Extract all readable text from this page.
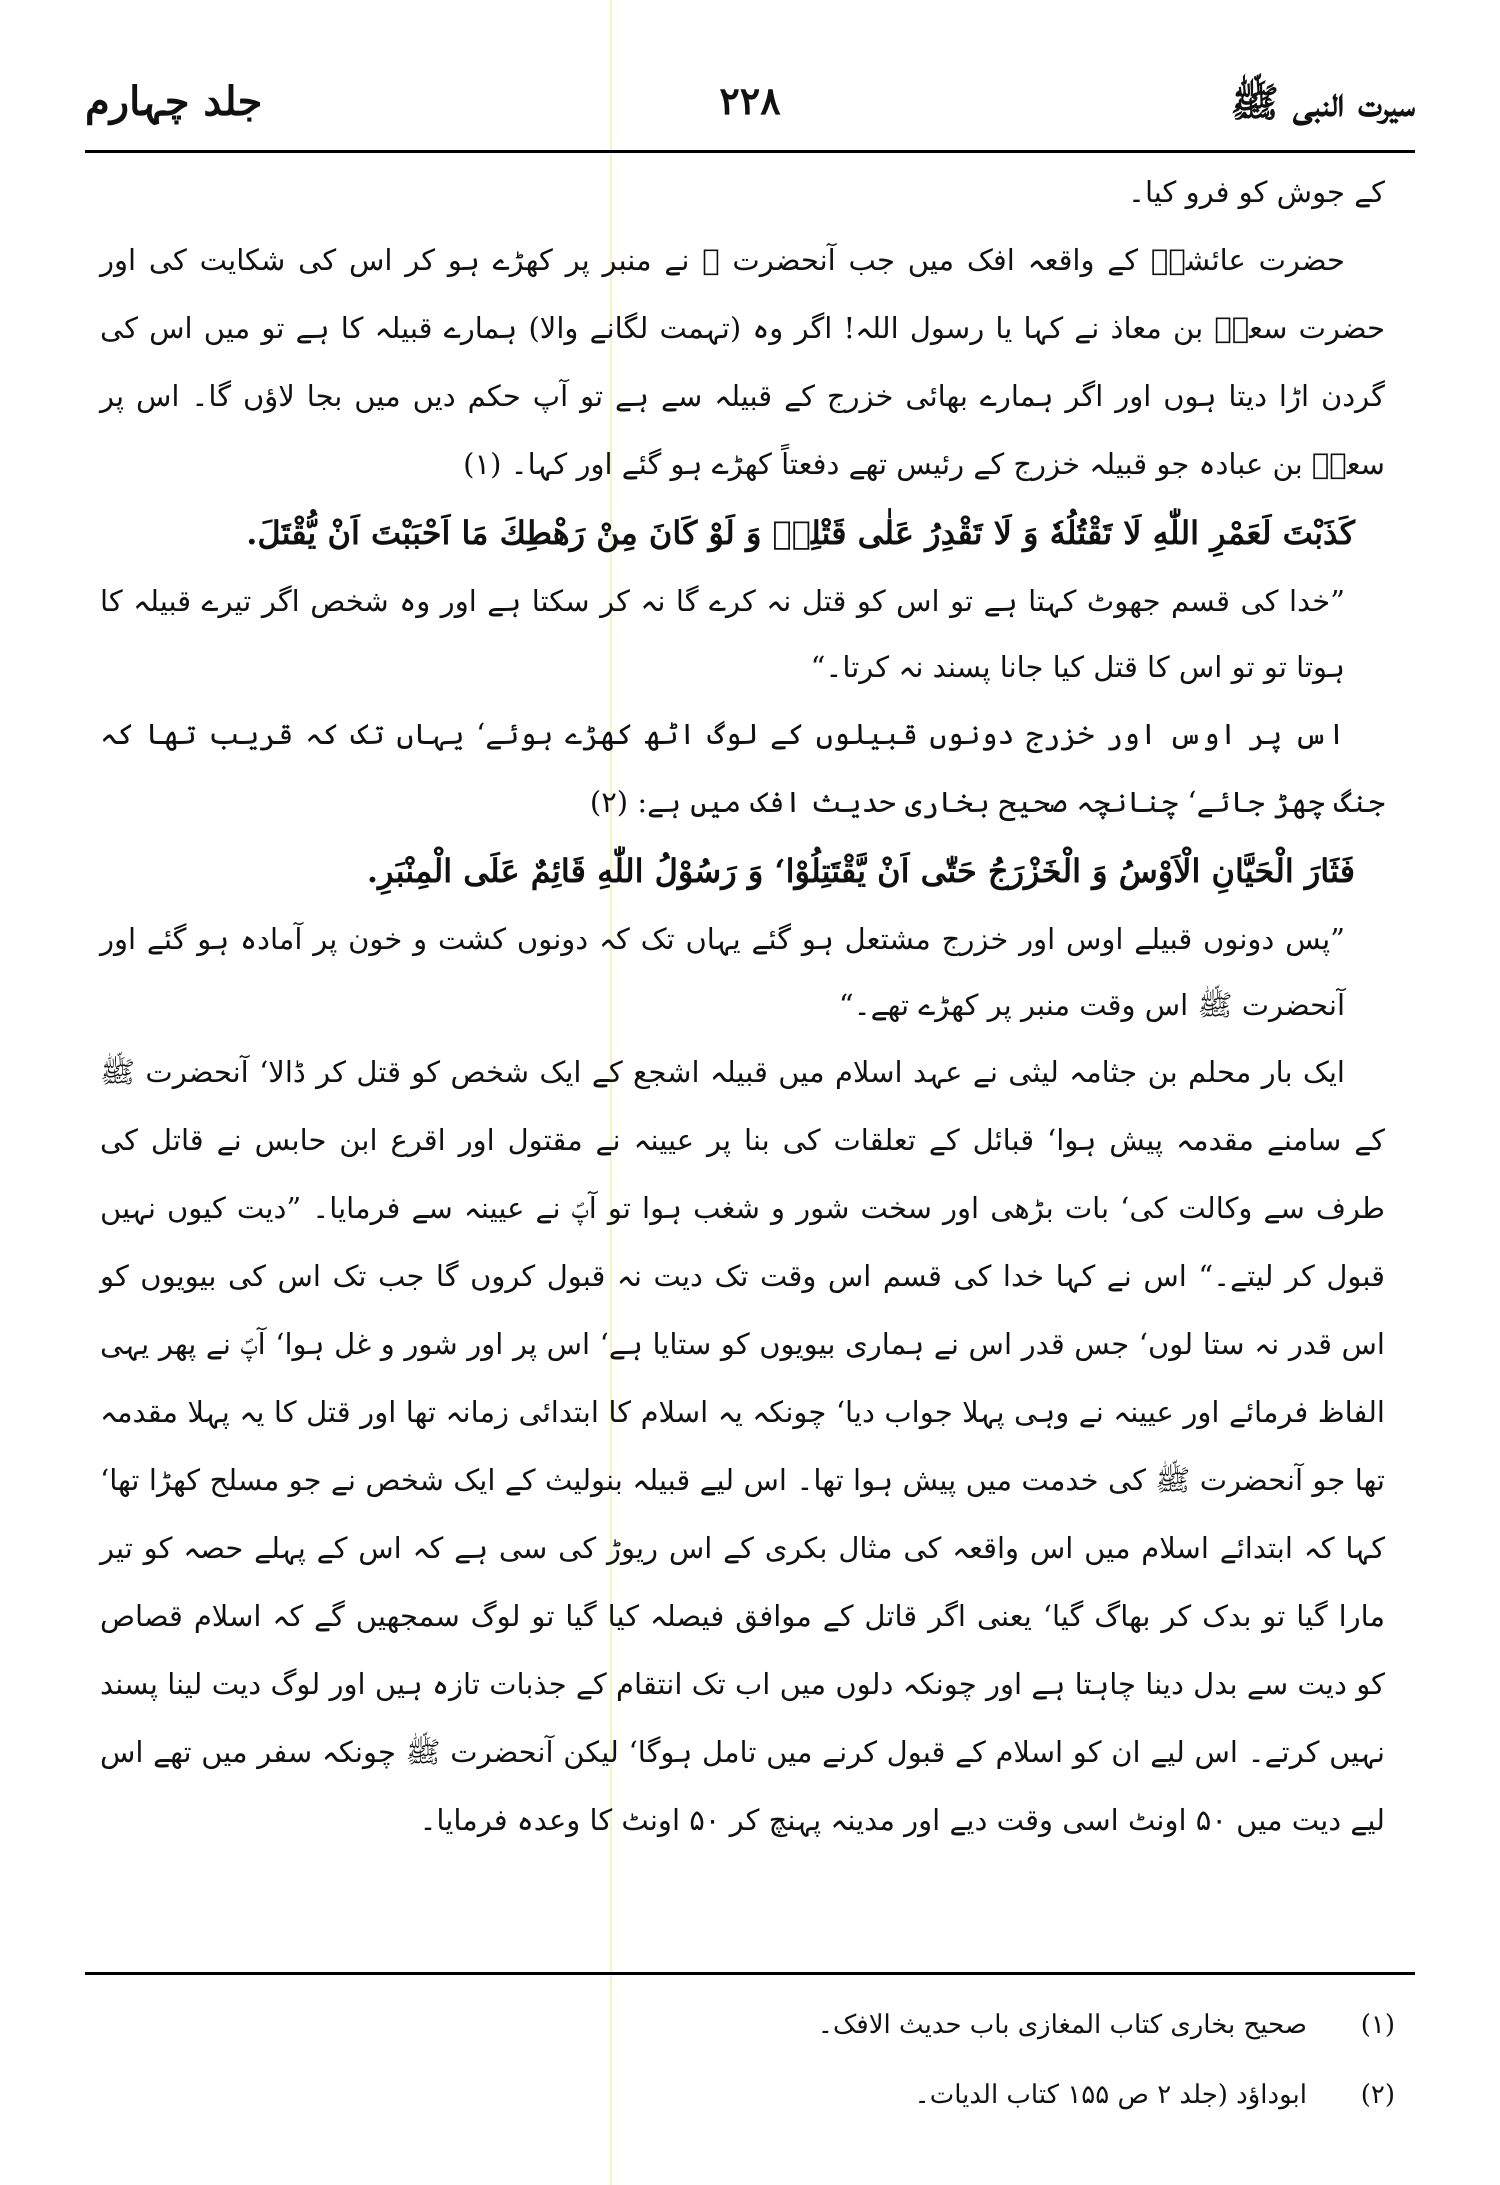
سیرت النبی ﷺ
۲۲۸
جلد چہارم

کے جوش کو فرو کیا۔

حضرت عائشہؓ کے واقعہ افک میں جب آنحضرت ﷺ نے منبر پر کھڑے ہو کر اس کی شکایت کی اور حضرت سعدؓ بن معاذ نے کہا یا رسول اللہ! اگر وہ (تہمت لگانے والا) ہمارے قبیلہ کا ہے تو میں اس کی گردن اڑا دیتا ہوں اور اگر ہمارے بھائی خزرج کے قبیلہ سے ہے تو آپ حکم دیں میں بجا لاؤں گا۔ اس پر سعدؓ بن عبادہ جو قبیلہ خزرج کے رئیس تھے دفعتاً کھڑے ہو گئے اور کہا۔ (۱)

كَذَبْتَ لَعَمْرِ اللّٰهِ لَا تَقْتُلُهٗ وَ لَا تَقْدِرُ عَلٰى قَتْلِهٖ وَ لَوْ كَانَ مِنْ رَهْطِكَ مَا اَحْبَبْتَ اَنْ يُّقْتَلَ.

”خدا کی قسم جھوٹ کہتا ہے تو اس کو قتل نہ کرے گا نہ کر سکتا ہے اور وہ شخص اگر تیرے قبیلہ کا ہوتا تو تو اس کا قتل کیا جانا پسند نہ کرتا۔“

اس پر اوس اور خزرج دونوں قبیلوں کے لوگ اٹھ کھڑے ہوئے‘ یہاں تک کہ قریب تھا کہ جنگ چھڑ جائے‘ چنانچہ صحیح بخاری حدیث افک میں ہے: (۲)

فَثَارَ الْحَيَّانِ الْاَوْسُ وَ الْخَزْرَجُ حَتّٰى اَنْ يَّقْتَتِلُوْا‘ وَ رَسُوْلُ اللّٰهِ قَائِمٌ عَلَى الْمِنْبَرِ.

”پس دونوں قبیلے اوس اور خزرج مشتعل ہو گئے یہاں تک کہ دونوں کشت و خون پر آمادہ ہو گئے اور آنحضرت ﷺ اس وقت منبر پر کھڑے تھے۔“

ایک بار محلم بن جثامہ لیثی نے عہد اسلام میں قبیلہ اشجع کے ایک شخص کو قتل کر ڈالا‘ آنحضرت ﷺ کے سامنے مقدمہ پیش ہوا‘ قبائل کے تعلقات کی بنا پر عیینہ نے مقتول اور اقرع ابن حابس نے قاتل کی طرف سے وکالت کی‘ بات بڑھی اور سخت شور و شغب ہوا تو آپؐ نے عیینہ سے فرمایا۔ ”دیت کیوں نہیں قبول کر لیتے۔“ اس نے کہا خدا کی قسم اس وقت تک دیت نہ قبول کروں گا جب تک اس کی بیویوں کو اس قدر نہ ستا لوں‘ جس قدر اس نے ہماری بیویوں کو ستایا ہے‘ اس پر اور شور و غل ہوا‘ آپؐ نے پھر یہی الفاظ فرمائے اور عیینہ نے وہی پہلا جواب دیا‘ چونکہ یہ اسلام کا ابتدائی زمانہ تھا اور قتل کا یہ پہلا مقدمہ تھا جو آنحضرت ﷺ کی خدمت میں پیش ہوا تھا۔ اس لیے قبیلہ بنولیث کے ایک شخص نے جو مسلح کھڑا تھا‘ کہا کہ ابتدائے اسلام میں اس واقعہ کی مثال بکری کے اس ریوڑ کی سی ہے کہ اس کے پہلے حصہ کو تیر مارا گیا تو بدک کر بھاگ گیا‘ یعنی اگر قاتل کے موافق فیصلہ کیا گیا تو لوگ سمجھیں گے کہ اسلام قصاص کو دیت سے بدل دینا چاہتا ہے اور چونکہ دلوں میں اب تک انتقام کے جذبات تازہ ہیں اور لوگ دیت لینا پسند نہیں کرتے۔ اس لیے ان کو اسلام کے قبول کرنے میں تامل ہوگا‘ لیکن آنحضرت ﷺ چونکہ سفر میں تھے اس لیے دیت میں ۵۰ اونٹ اسی وقت دیے اور مدینہ پہنچ کر ۵۰ اونٹ کا وعدہ فرمایا۔

(۱)
صحیح بخاری کتاب المغازی باب حدیث الافک۔
(۲)
ابوداؤد (جلد ۲ ص ۱۵۵ کتاب الدیات۔
